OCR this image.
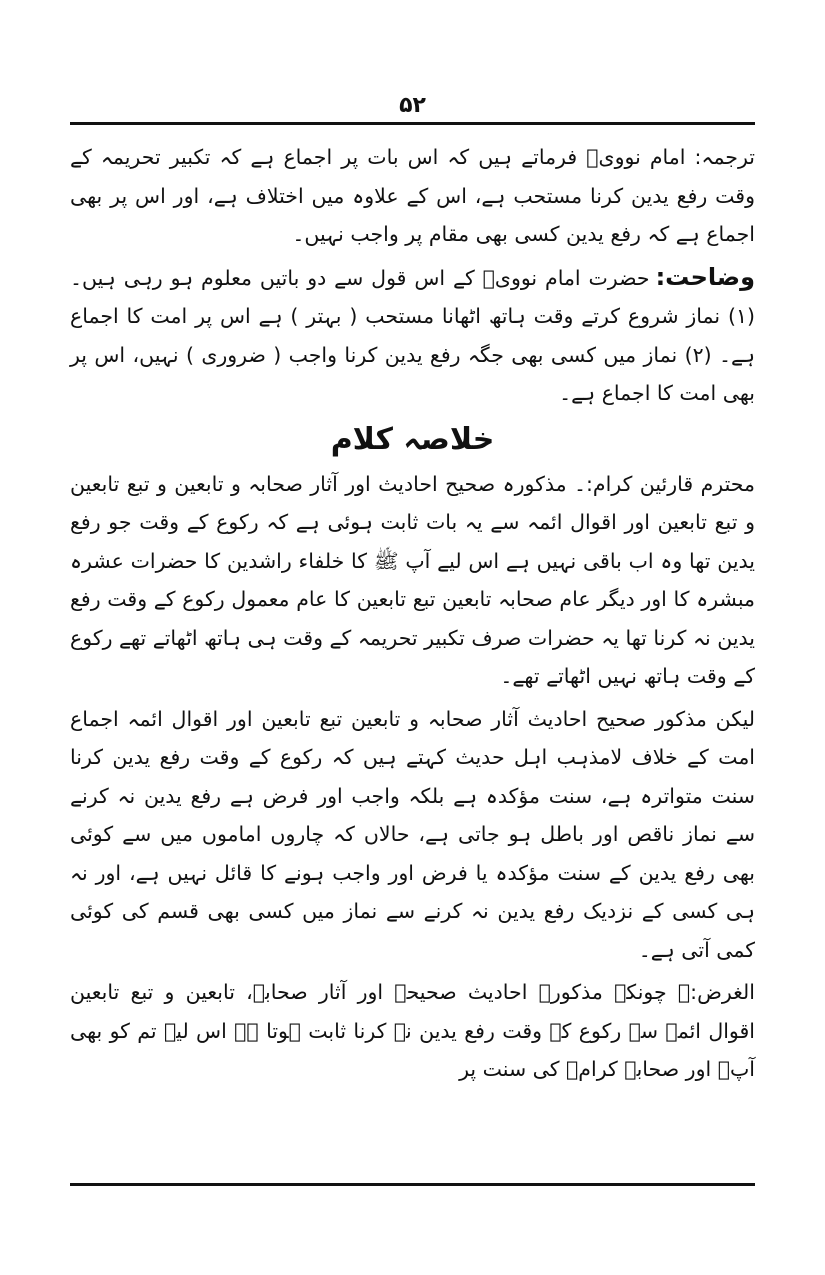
۵۲

ترجمہ: امام نوویؒ فرماتے ہیں کہ اس بات پر اجماع ہے کہ تکبیر تحریمہ کے وقت رفع یدین کرنا مستحب ہے، اس کے علاوہ میں اختلاف ہے، اور اس پر بھی اجماع ہے کہ رفع یدین کسی بھی مقام پر واجب نہیں۔

وضاحت:حضرت امام نوویؒ کے اس قول سے دو باتیں معلوم ہو رہی ہیں۔ (۱) نماز شروع کرتے وقت ہاتھ اٹھانا مستحب ( بہتر ) ہے اس پر امت کا اجماع ہے۔ (۲) نماز میں کسی بھی جگہ رفع یدین کرنا واجب ( ضروری ) نہیں، اس پر بھی امت کا اجماع ہے۔

خلاصہ کلام

محترم قارئین کرام:۔ مذکورہ صحیح احادیث اور آثار صحابہ و تابعین و تبع تابعین و تبع تابعین اور اقوال ائمہ سے یہ بات ثابت ہوئی ہے کہ رکوع کے وقت جو رفع یدین تھا وہ اب باقی نہیں ہے اس لیے آپ ﷺ کا خلفاء راشدین کا حضرات عشرہ مبشرہ کا اور دیگر عام صحابہ تابعین تبع تابعین کا عام معمول رکوع کے وقت رفع یدین نہ کرنا تھا یہ حضرات صرف تکبیر تحریمہ کے وقت ہی ہاتھ اٹھاتے تھے رکوع کے وقت ہاتھ نہیں اٹھاتے تھے۔

لیکن مذکور صحیح احادیث آثار صحابہ و تابعین تبع تابعین اور اقوال ائمہ اجماع امت کے خلاف لامذہب اہل حدیث کہتے ہیں کہ رکوع کے وقت رفع یدین کرنا سنت متواترہ ہے، سنت مؤکدہ ہے بلکہ واجب اور فرض ہے رفع یدین نہ کرنے سے نماز ناقص اور باطل ہو جاتی ہے، حالاں کہ چاروں اماموں میں سے کوئی بھی رفع یدین کے سنت مؤکدہ یا فرض اور واجب ہونے کا قائل نہیں ہے، اور نہ ہی کسی کے نزدیک رفع یدین نہ کرنے سے نماز میں کسی بھی قسم کی کوئی کمی آتی ہے۔

الغرض:۔ چونکہ مذکورہ احادیث صحیحہ اور آثار صحابہ، تابعین و تبع تابعین اقوال ائمہ سے رکوع کے وقت رفع یدین نہ کرنا ثابت ہوتا ہے اس لیے تم کو بھی آپؐ اور صحابہ کرامؓ کی سنت پر
